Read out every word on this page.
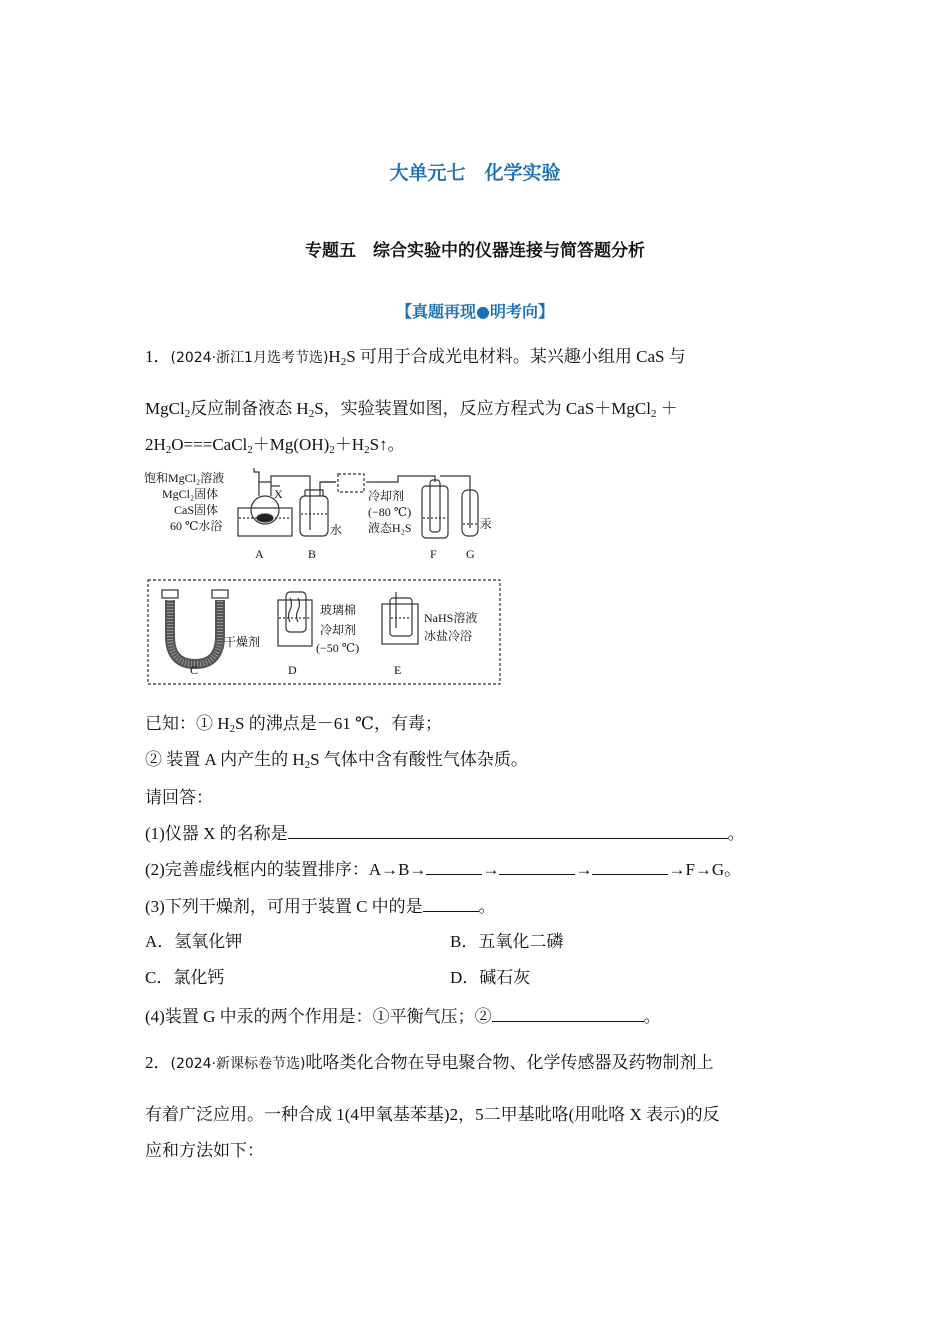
大单元七　化学实验
专题五　综合实验中的仪器连接与简答题分析
【真题再现●明考向】
1．(2024·浙江1月选考节选)$H_2S$ 可用于合成光电材料。某兴趣小组用 CaS 与
MgCl$_2$反应制备液态 $H_2S$，实验装置如图，反应方程式为 CaS＋MgCl$_2$ ＋
$2H_2O===CaCl_2+Mg(OH)_2+H_2S↑$。
饱和MgCl₂溶液
MgCl₂固体
CaS固体
60 ℃水浴
X
水
冷却剂
(−80 ℃)
液态H₂S	汞
A	B	F G
干燥剂
玻璃棉
冷却剂
(−50 ℃)
NaHS溶液
冰盐冷浴
C	D	E
已知：① $H_2S$ 的沸点是－61 ℃，有毒；
② 装置 A 内产生的 $H_2S$ 气体中含有酸性气体杂质。
请回答：
(1)仪器 X 的名称是	。
(2)完善虚线框内的装置排序：A→B→	→	→	→F→G。
(3)下列干燥剂，可用于装置 C 中的是	。
A．氢氧化钾	B．五氧化二磷
C．氯化钙	D．碱石灰
(4)装置 G 中汞的两个作用是：①平衡气压；②	。
2．(2024·新课标卷节选)吡咯类化合物在导电聚合物、化学传感器及药物制剂上
有着广泛应用。一种合成 1(4甲氧基苯基)2，5二甲基吡咯(用吡咯 X 表示)的反
应和方法如下：
